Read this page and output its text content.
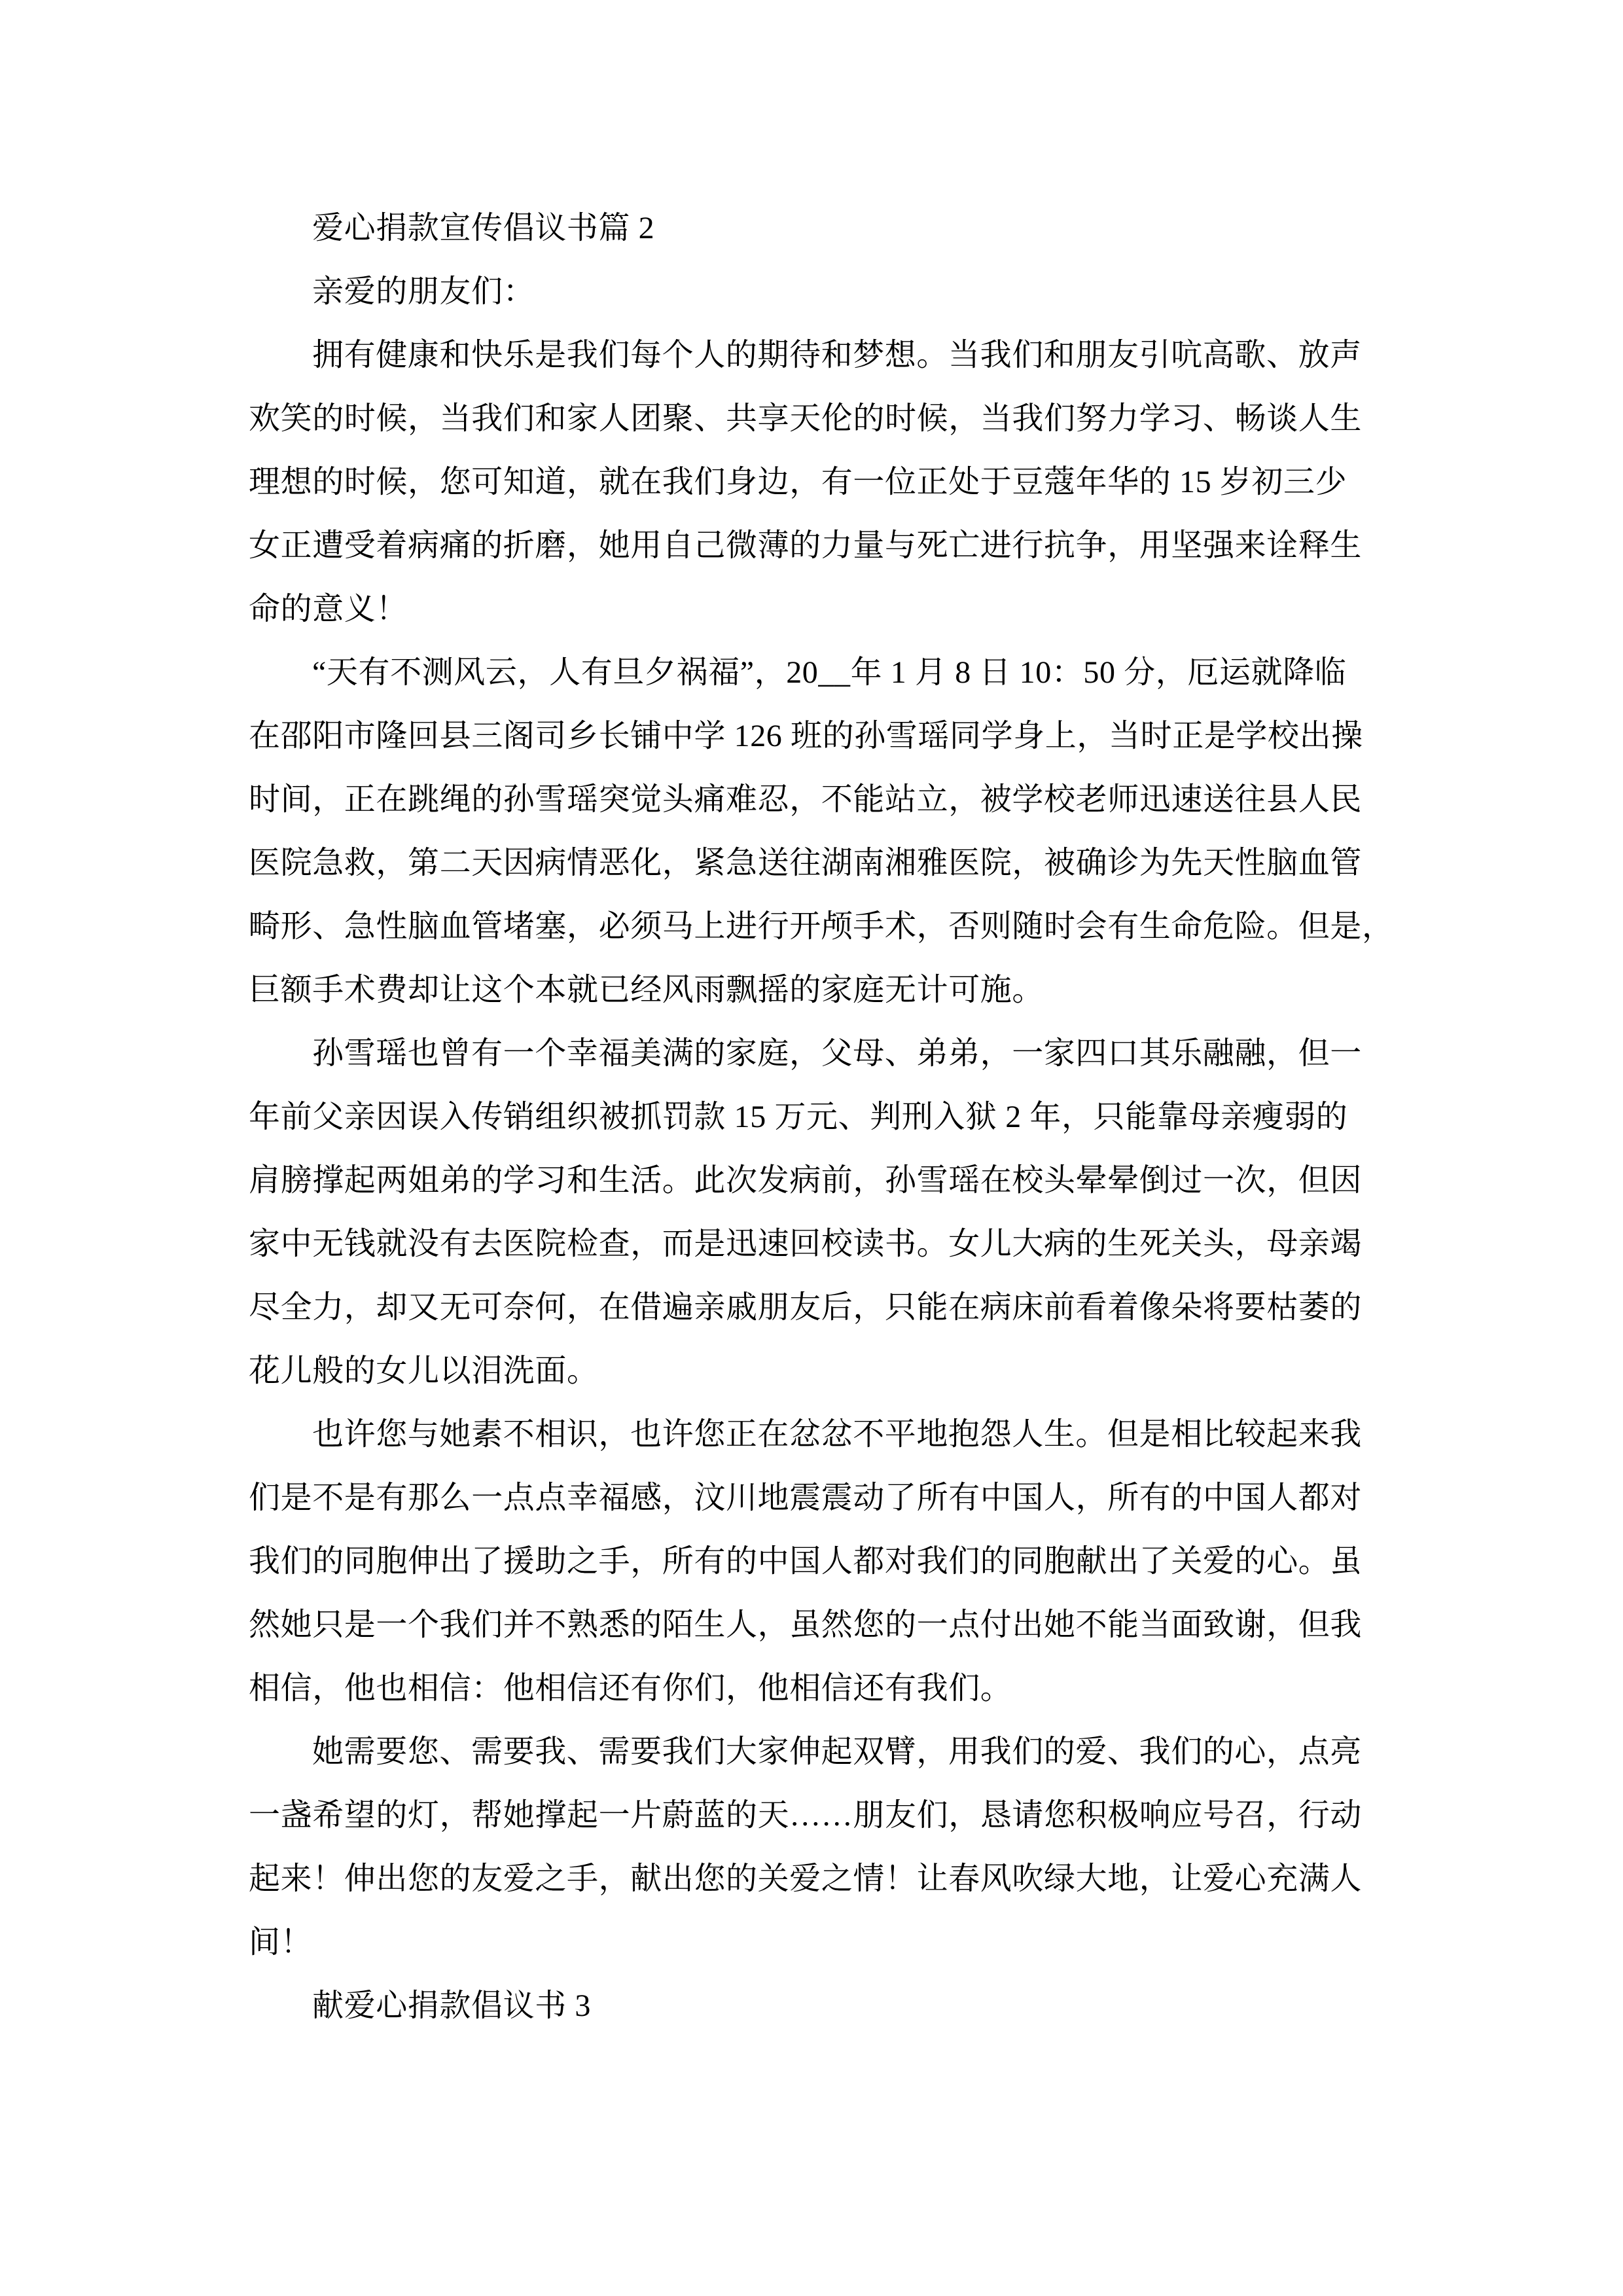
爱心捐款宣传倡议书篇 2
亲爱的朋友们：
拥有健康和快乐是我们每个人的期待和梦想。当我们和朋友引吭高歌、放声
欢笑的时候，当我们和家人团聚、共享天伦的时候，当我们努力学习、畅谈人生
理想的时候，您可知道，就在我们身边，有一位正处于豆蔻年华的 15 岁初三少
女正遭受着病痛的折磨，她用自己微薄的力量与死亡进行抗争，用坚强来诠释生
命的意义！
“天有不测风云，人有旦夕祸福”，20__年 1 月 8 日 10：50 分，厄运就降临
在邵阳市隆回县三阁司乡长铺中学 126 班的孙雪瑶同学身上，当时正是学校出操
时间，正在跳绳的孙雪瑶突觉头痛难忍，不能站立，被学校老师迅速送往县人民
医院急救，第二天因病情恶化，紧急送往湖南湘雅医院，被确诊为先天性脑血管
畸形、急性脑血管堵塞，必须马上进行开颅手术，否则随时会有生命危险。但是，
巨额手术费却让这个本就已经风雨飘摇的家庭无计可施。
孙雪瑶也曾有一个幸福美满的家庭，父母、弟弟，一家四口其乐融融，但一
年前父亲因误入传销组织被抓罚款 15 万元、判刑入狱 2 年，只能靠母亲瘦弱的
肩膀撑起两姐弟的学习和生活。此次发病前，孙雪瑶在校头晕晕倒过一次，但因
家中无钱就没有去医院检查，而是迅速回校读书。女儿大病的生死关头，母亲竭
尽全力，却又无可奈何，在借遍亲戚朋友后，只能在病床前看着像朵将要枯萎的
花儿般的女儿以泪洗面。
也许您与她素不相识，也许您正在忿忿不平地抱怨人生。但是相比较起来我
们是不是有那么一点点幸福感，汶川地震震动了所有中国人，所有的中国人都对
我们的同胞伸出了援助之手，所有的中国人都对我们的同胞献出了关爱的心。虽
然她只是一个我们并不熟悉的陌生人，虽然您的一点付出她不能当面致谢，但我
相信，他也相信：他相信还有你们，他相信还有我们。
她需要您、需要我、需要我们大家伸起双臂，用我们的爱、我们的心，点亮
一盏希望的灯，帮她撑起一片蔚蓝的天……朋友们，恳请您积极响应号召，行动
起来！伸出您的友爱之手，献出您的关爱之情！让春风吹绿大地，让爱心充满人
间！
献爱心捐款倡议书 3
